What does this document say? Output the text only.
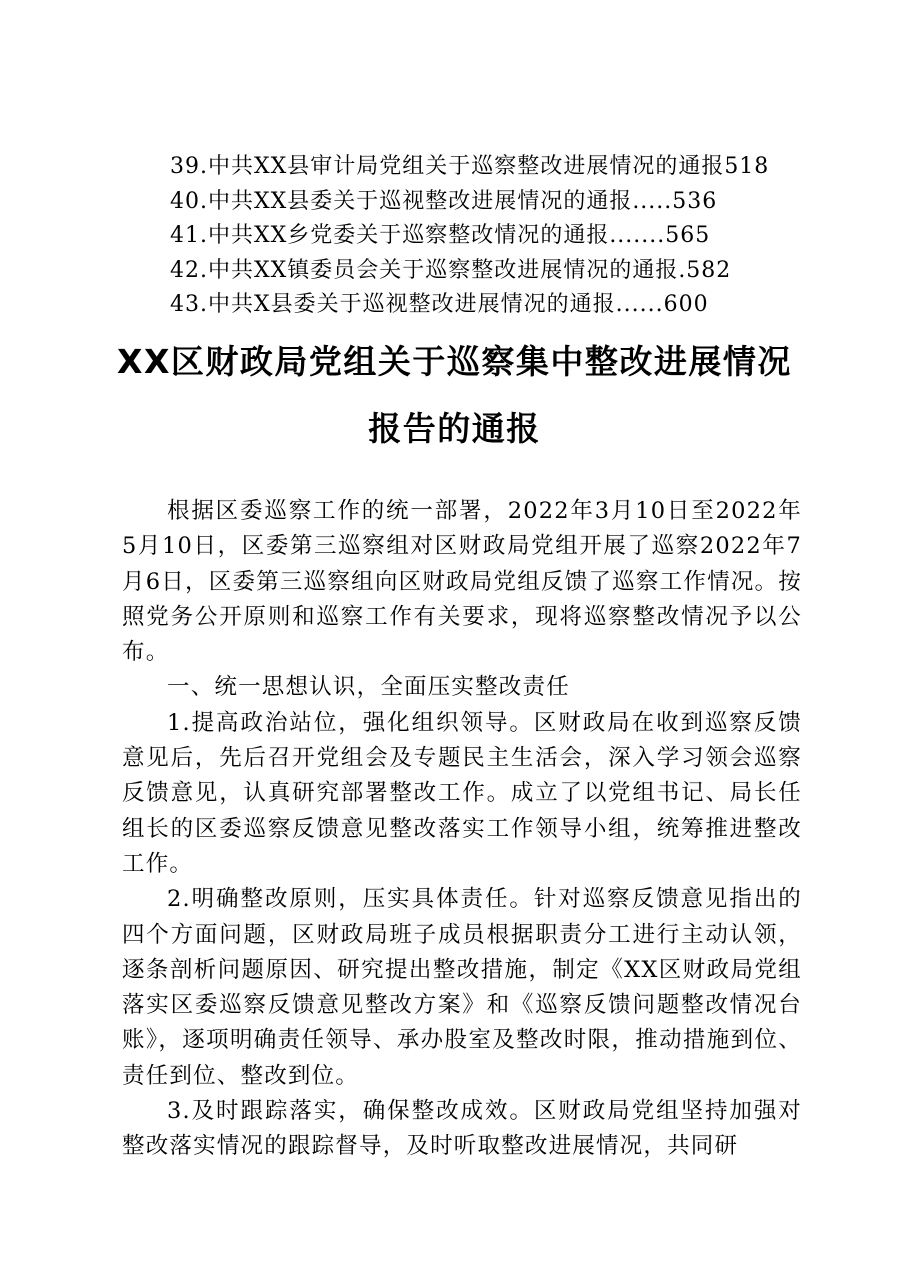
39.中共XX县审计局党组关于巡察整改进展情况的通报518
40.中共XX县委关于巡视整改进展情况的通报.....536
41.中共XX乡党委关于巡察整改情况的通报.......565
42.中共XX镇委员会关于巡察整改进展情况的通报.582
43.中共X县委关于巡视整改进展情况的通报......600
XX区财政局党组关于巡察集中整改进展情况
报告的通报

根据区委巡察工作的统一部署，2022年3月10日至2022年5月10日，区委第三巡察组对区财政局党组开展了巡察2022年7月6日，区委第三巡察组向区财政局党组反馈了巡察工作情况。按照党务公开原则和巡察工作有关要求，现将巡察整改情况予以公布。

一、统一思想认识，全面压实整改责任

1.提高政治站位，强化组织领导。区财政局在收到巡察反馈意见后，先后召开党组会及专题民主生活会，深入学习领会巡察反馈意见，认真研究部署整改工作。成立了以党组书记、局长任组长的区委巡察反馈意见整改落实工作领导小组，统筹推进整改工作。

2.明确整改原则，压实具体责任。针对巡察反馈意见指出的四个方面问题，区财政局班子成员根据职责分工进行主动认领，逐条剖析问题原因、研究提出整改措施，制定《XX区财政局党组落实区委巡察反馈意见整改方案》和《巡察反馈问题整改情况台账》，逐项明确责任领导、承办股室及整改时限，推动措施到位、责任到位、整改到位。

3.及时跟踪落实，确保整改成效。区财政局党组坚持加强对整改落实情况的跟踪督导，及时听取整改进展情况，共同研
